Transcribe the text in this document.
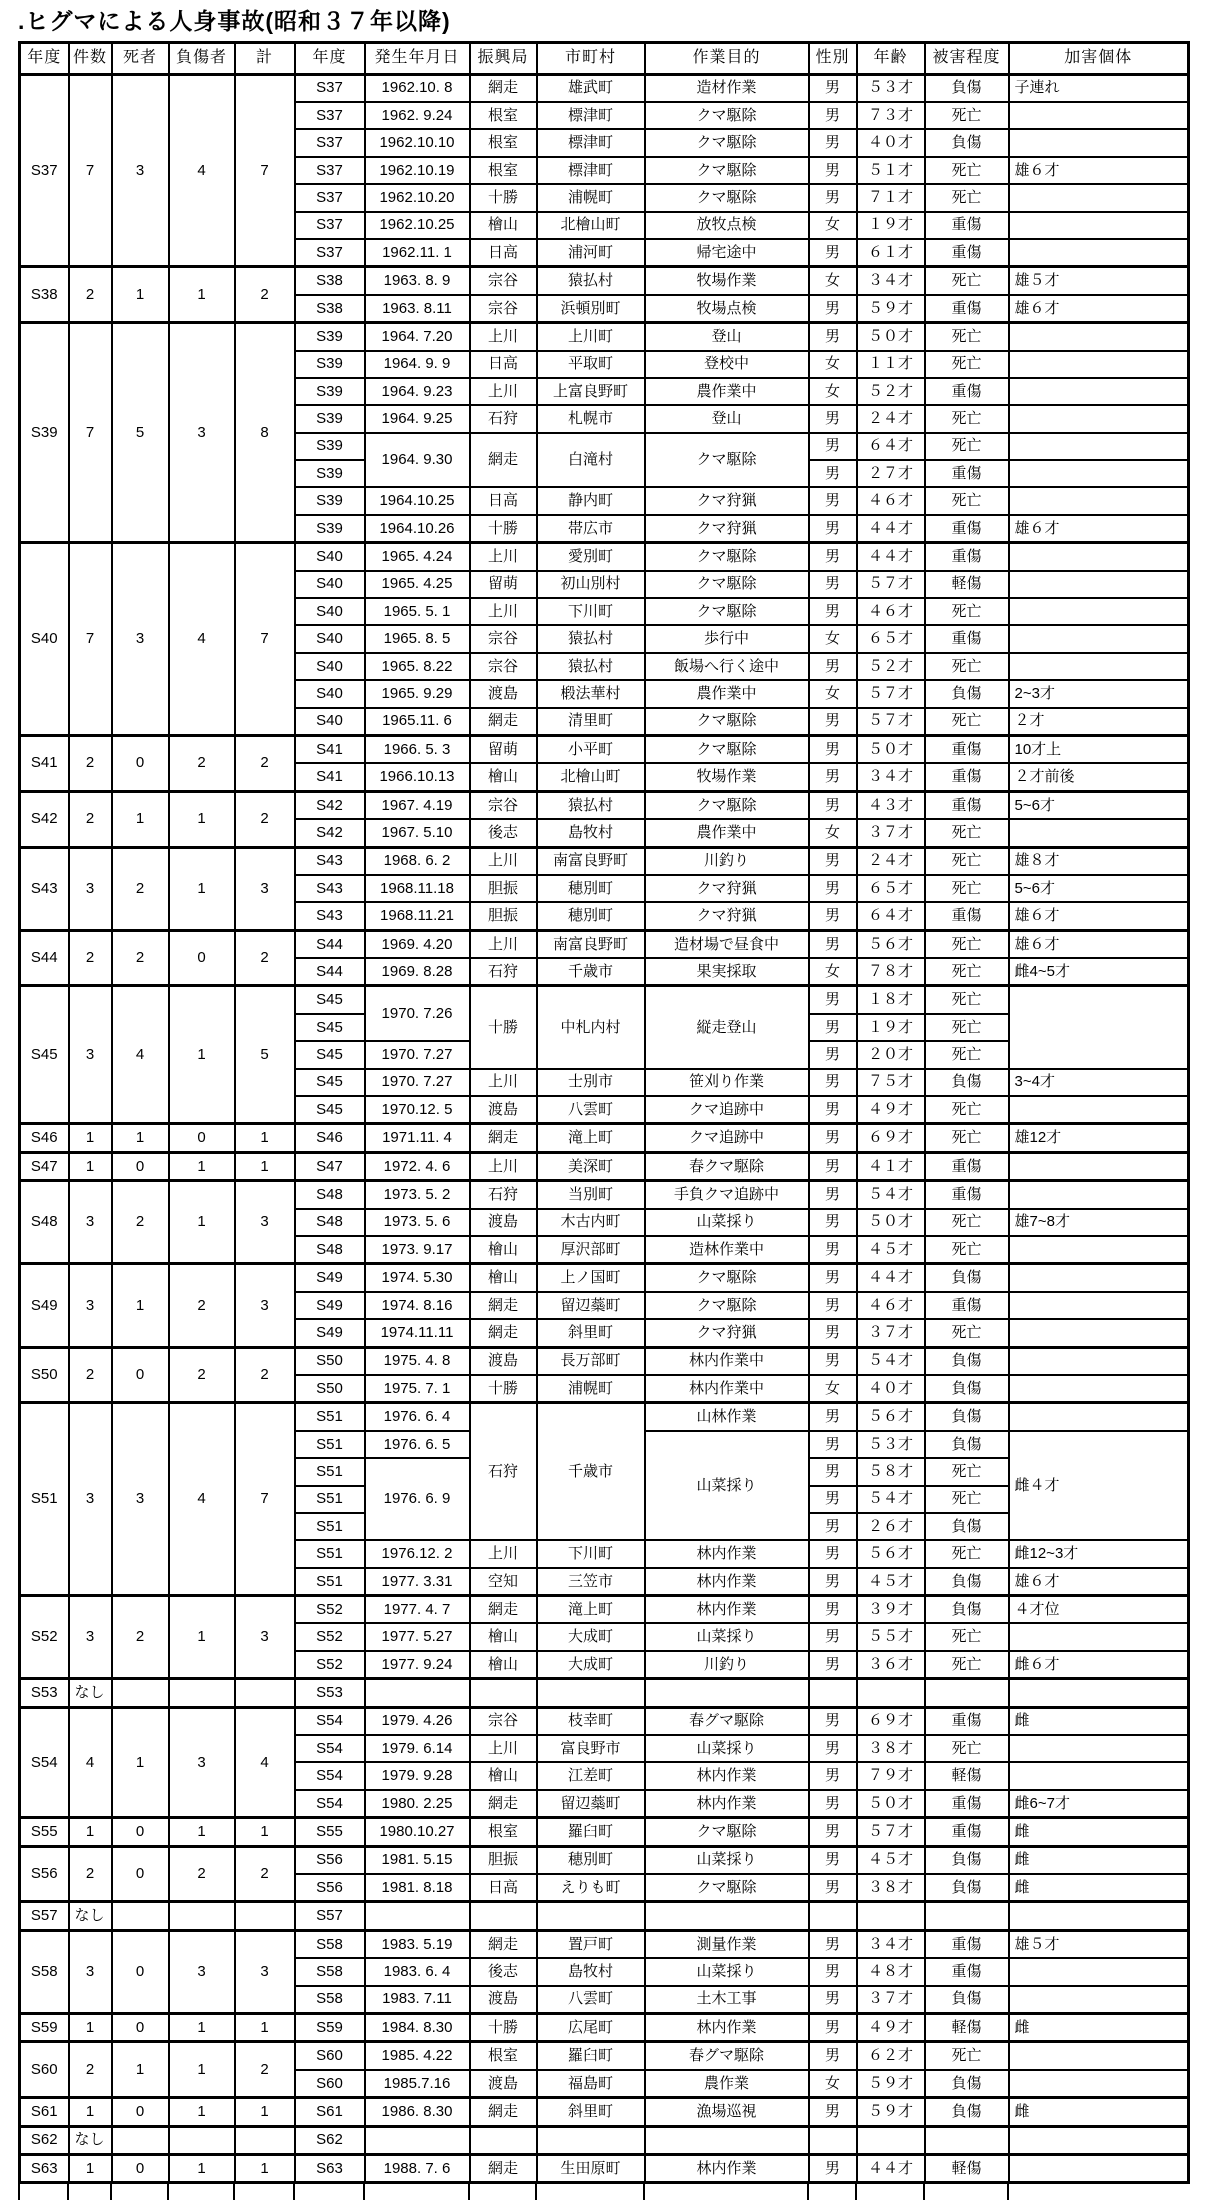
.ヒグマによる人身事故(昭和３７年以降)
年度	件数	死者	負傷者	計	年度	発生年月日	振興局	市町村	作業目的	性別	年齢	被害程度	加害個体
S37	7	3	4	7	S37	1962.10. 8	網走	雄武町	造材作業	男	５３才	負傷	子連れ
					S37	1962. 9.24	根室	標津町	クマ駆除	男	７３才	死亡	
					S37	1962.10.10	根室	標津町	クマ駆除	男	４０才	負傷	
					S37	1962.10.19	根室	標津町	クマ駆除	男	５１才	死亡	雄６才
					S37	1962.10.20	十勝	浦幌町	クマ駆除	男	７１才	死亡	
					S37	1962.10.25	檜山	北檜山町	放牧点検	女	１９才	重傷	
					S37	1962.11. 1	日高	浦河町	帰宅途中	男	６１才	重傷	
S38	2	1	1	2	S38	1963. 8. 9	宗谷	猿払村	牧場作業	女	３４才	死亡	雄５才
					S38	1963. 8.11	宗谷	浜頓別町	牧場点検	男	５９才	重傷	雄６才
S39	7	5	3	8	S39	1964. 7.20	上川	上川町	登山	男	５０才	死亡	
					S39	1964. 9. 9	日高	平取町	登校中	女	１１才	死亡	
					S39	1964. 9.23	上川	上富良野町	農作業中	女	５２才	重傷	
					S39	1964. 9.25	石狩	札幌市	登山	男	２４才	死亡	
					S39	1964. 9.30	網走	白滝村	クマ駆除	男	６４才	死亡	
					S39					男	２７才	重傷	
					S39	1964.10.25	日高	静内町	クマ狩猟	男	４６才	死亡	
					S39	1964.10.26	十勝	帯広市	クマ狩猟	男	４４才	重傷	雄６才
S40	7	3	4	7	S40	1965. 4.24	上川	愛別町	クマ駆除	男	４４才	重傷	
					S40	1965. 4.25	留萌	初山別村	クマ駆除	男	５７才	軽傷	
					S40	1965. 5. 1	上川	下川町	クマ駆除	男	４６才	死亡	
					S40	1965. 8. 5	宗谷	猿払村	歩行中	女	６５才	重傷	
					S40	1965. 8.22	宗谷	猿払村	飯場へ行く途中	男	５２才	死亡	
					S40	1965. 9.29	渡島	椴法華村	農作業中	女	５７才	負傷	2~3才
					S40	1965.11. 6	網走	清里町	クマ駆除	男	５７才	死亡	２才
S41	2	0	2	2	S41	1966. 5. 3	留萌	小平町	クマ駆除	男	５０才	重傷	10才上
					S41	1966.10.13	檜山	北檜山町	牧場作業	男	３４才	重傷	２才前後
S42	2	1	1	2	S42	1967. 4.19	宗谷	猿払村	クマ駆除	男	４３才	重傷	5~6才
					S42	1967. 5.10	後志	島牧村	農作業中	女	３７才	死亡	
S43	3	2	1	3	S43	1968. 6. 2	上川	南富良野町	川釣り	男	２４才	死亡	雄８才
					S43	1968.11.18	胆振	穂別町	クマ狩猟	男	６５才	死亡	5~6才
					S43	1968.11.21	胆振	穂別町	クマ狩猟	男	６４才	重傷	雄６才
S44	2	2	0	2	S44	1969. 4.20	上川	南富良野町	造材場で昼食中	男	５６才	死亡	雄６才
					S44	1969. 8.28	石狩	千歳市	果実採取	女	７８才	死亡	雌4~5才
S45	3	4	1	5	S45	1970. 7.26	十勝	中札内村	縦走登山	男	１８才	死亡	
					S45					男	１９才	死亡	
					S45	1970. 7.27				男	２０才	死亡	
					S45	1970. 7.27	上川	士別市	笹刈り作業	男	７５才	負傷	3~4才
					S45	1970.12. 5	渡島	八雲町	クマ追跡中	男	４９才	死亡	
S46	1	1	0	1	S46	1971.11. 4	網走	滝上町	クマ追跡中	男	６９才	死亡	雄12才
S47	1	0	1	1	S47	1972. 4. 6	上川	美深町	春クマ駆除	男	４１才	重傷	
S48	3	2	1	3	S48	1973. 5. 2	石狩	当別町	手負クマ追跡中	男	５４才	重傷	
					S48	1973. 5. 6	渡島	木古内町	山菜採り	男	５０才	死亡	雄7~8才
					S48	1973. 9.17	檜山	厚沢部町	造林作業中	男	４５才	死亡	
S49	3	1	2	3	S49	1974. 5.30	檜山	上ノ国町	クマ駆除	男	４４才	負傷	
					S49	1974. 8.16	網走	留辺蘂町	クマ駆除	男	４６才	重傷	
					S49	1974.11.11	網走	斜里町	クマ狩猟	男	３７才	死亡	
S50	2	0	2	2	S50	1975. 4. 8	渡島	長万部町	林内作業中	男	５４才	負傷	
					S50	1975. 7. 1	十勝	浦幌町	林内作業中	女	４０才	負傷	
S51	3	3	4	7	S51	1976. 6. 4	石狩	千歳市	山林作業	男	５６才	負傷	
					S51	1976. 6. 5			山菜採り	男	５３才	負傷	雌４才
					S51	1976. 6. 9				男	５８才	死亡	
					S51					男	５４才	死亡	
					S51					男	２６才	負傷	
					S51	1976.12. 2	上川	下川町	林内作業	男	５６才	死亡	雌12~3才
					S51	1977. 3.31	空知	三笠市	林内作業	男	４５才	負傷	雄６才
S52	3	2	1	3	S52	1977. 4. 7	網走	滝上町	林内作業	男	３９才	負傷	４才位
					S52	1977. 5.27	檜山	大成町	山菜採り	男	５５才	死亡	
					S52	1977. 9.24	檜山	大成町	川釣り	男	３６才	死亡	雌６才
S53	なし				S53								
S54	4	1	3	4	S54	1979. 4.26	宗谷	枝幸町	春グマ駆除	男	６９才	重傷	雌
					S54	1979. 6.14	上川	富良野市	山菜採り	男	３８才	死亡	
					S54	1979. 9.28	檜山	江差町	林内作業	男	７９才	軽傷	
					S54	1980. 2.25	網走	留辺蘂町	林内作業	男	５０才	重傷	雌6~7才
S55	1	0	1	1	S55	1980.10.27	根室	羅臼町	クマ駆除	男	５７才	重傷	雌
S56	2	0	2	2	S56	1981. 5.15	胆振	穂別町	山菜採り	男	４５才	負傷	雌
					S56	1981. 8.18	日高	えりも町	クマ駆除	男	３８才	負傷	雌
S57	なし				S57								
S58	3	0	3	3	S58	1983. 5.19	網走	置戸町	測量作業	男	３４才	重傷	雄５才
					S58	1983. 6. 4	後志	島牧村	山菜採り	男	４８才	重傷	
					S58	1983. 7.11	渡島	八雲町	土木工事	男	３７才	負傷	
S59	1	0	1	1	S59	1984. 8.30	十勝	広尾町	林内作業	男	４９才	軽傷	雌
S60	2	1	1	2	S60	1985. 4.22	根室	羅臼町	春グマ駆除	男	６２才	死亡	
					S60	1985.7.16	渡島	福島町	農作業	女	５９才	負傷	
S61	1	0	1	1	S61	1986. 8.30	網走	斜里町	漁場巡視	男	５９才	負傷	雌
S62	なし				S62								
S63	1	0	1	1	S63	1988. 7. 6	網走	生田原町	林内作業	男	４４才	軽傷	
